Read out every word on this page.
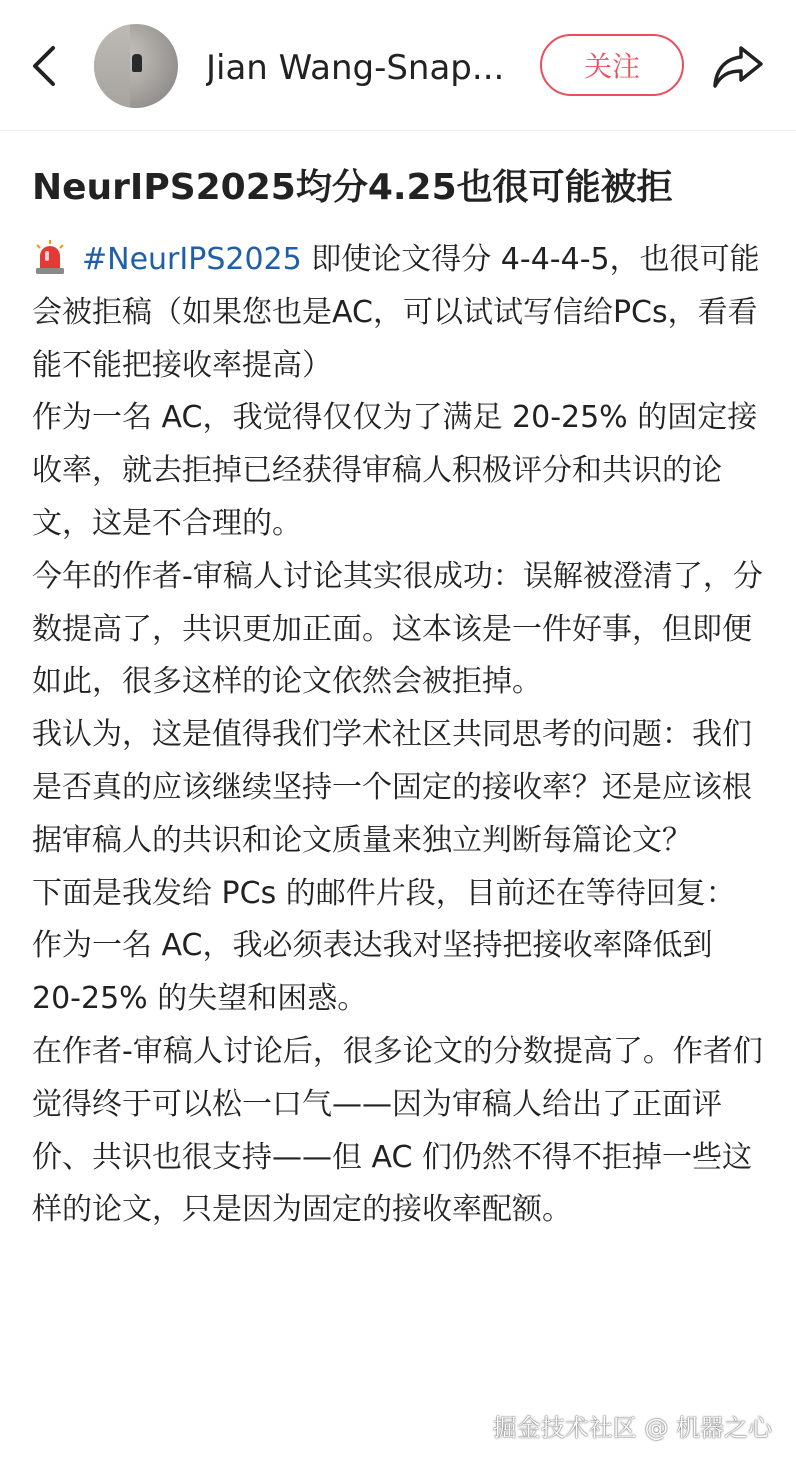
Jian Wang-Snap...	关注
NeurIPS2025均分4.25也很可能被拒

#NeurIPS2025 即使论文得分 4-4-4-5，也很可能会被拒稿（如果您也是AC，可以试试写信给PCs，看看能不能把接收率提高）

作为一名 AC，我觉得仅仅为了满足 20-25% 的固定接收率，就去拒掉已经获得审稿人积极评分和共识的论文，这是不合理的。

今年的作者-审稿人讨论其实很成功：误解被澄清了，分数提高了，共识更加正面。这本该是一件好事，但即便如此，很多这样的论文依然会被拒掉。

我认为，这是值得我们学术社区共同思考的问题：我们是否真的应该继续坚持一个固定的接收率？还是应该根据审稿人的共识和论文质量来独立判断每篇论文？

下面是我发给 PCs 的邮件片段，目前还在等待回复：

作为一名 AC，我必须表达我对坚持把接收率降低到 20-25% 的失望和困惑。

在作者-审稿人讨论后，很多论文的分数提高了。作者们觉得终于可以松一口气——因为审稿人给出了正面评价、共识也很支持——但 AC 们仍然不得不拒掉一些这样的论文，只是因为固定的接收率配额。

掘金技术社区 @ 机器之心
